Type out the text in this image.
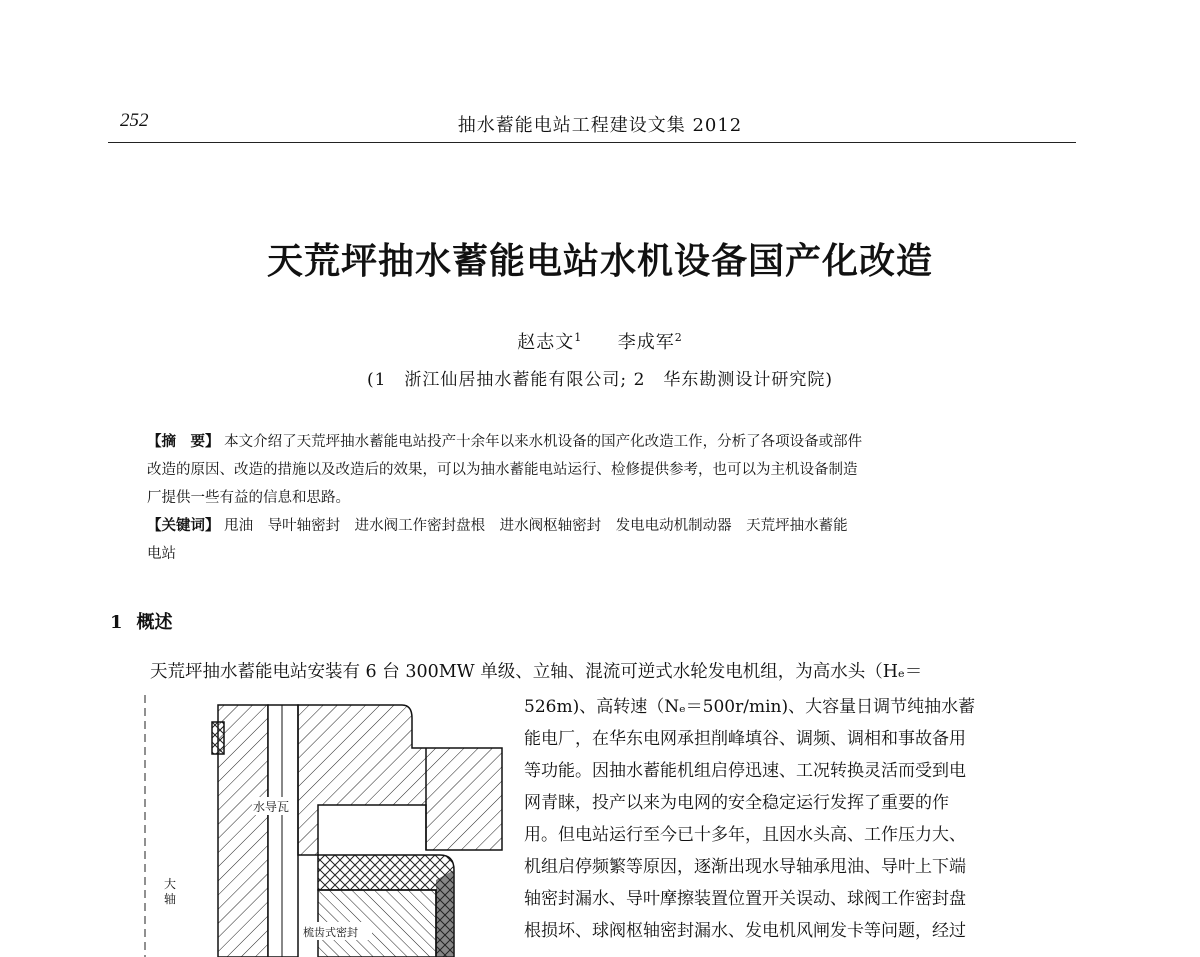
252	抽水蓄能电站工程建设文集 2012
天荒坪抽水蓄能电站水机设备国产化改造
赵志文$^1$ 李成军$^2$
(1　浙江仙居抽水蓄能有限公司; 2　华东勘测设计研究院)
【摘　要】 本文介绍了天荒坪抽水蓄能电站投产十余年以来水机设备的国产化改造工作，分析了各项设备或部件
改造的原因、改造的措施以及改造后的效果，可以为抽水蓄能电站运行、检修提供参考，也可以为主机设备制造
厂提供一些有益的信息和思路。
【关键词】 甩油　导叶轴密封　进水阀工作密封盘根　进水阀枢轴密封　发电电动机制动器　天荒坪抽水蓄能
电站
1 概述
天荒坪抽水蓄能电站安装有 6 台 300MW 单级、立轴、混流可逆式水轮发电机组，为高水头（Hₑ＝
526m)、高转速（Nₑ＝500r/min)、大容量日调节纯抽水蓄
能电厂，在华东电网承担削峰填谷、调频、调相和事故备用
等功能。因抽水蓄能机组启停迅速、工况转换灵活而受到电
网青睐，投产以来为电网的安全稳定运行发挥了重要的作
用。但电站运行至今已十多年，且因水头高、工作压力大、
机组启停频繁等原因，逐渐出现水导轴承甩油、导叶上下端
轴密封漏水、导叶摩擦装置位置开关误动、球阀工作密封盘
根损坏、球阀枢轴密封漏水、发电机风闸发卡等问题，经过
水导瓦
大
轴
梳齿式密封
